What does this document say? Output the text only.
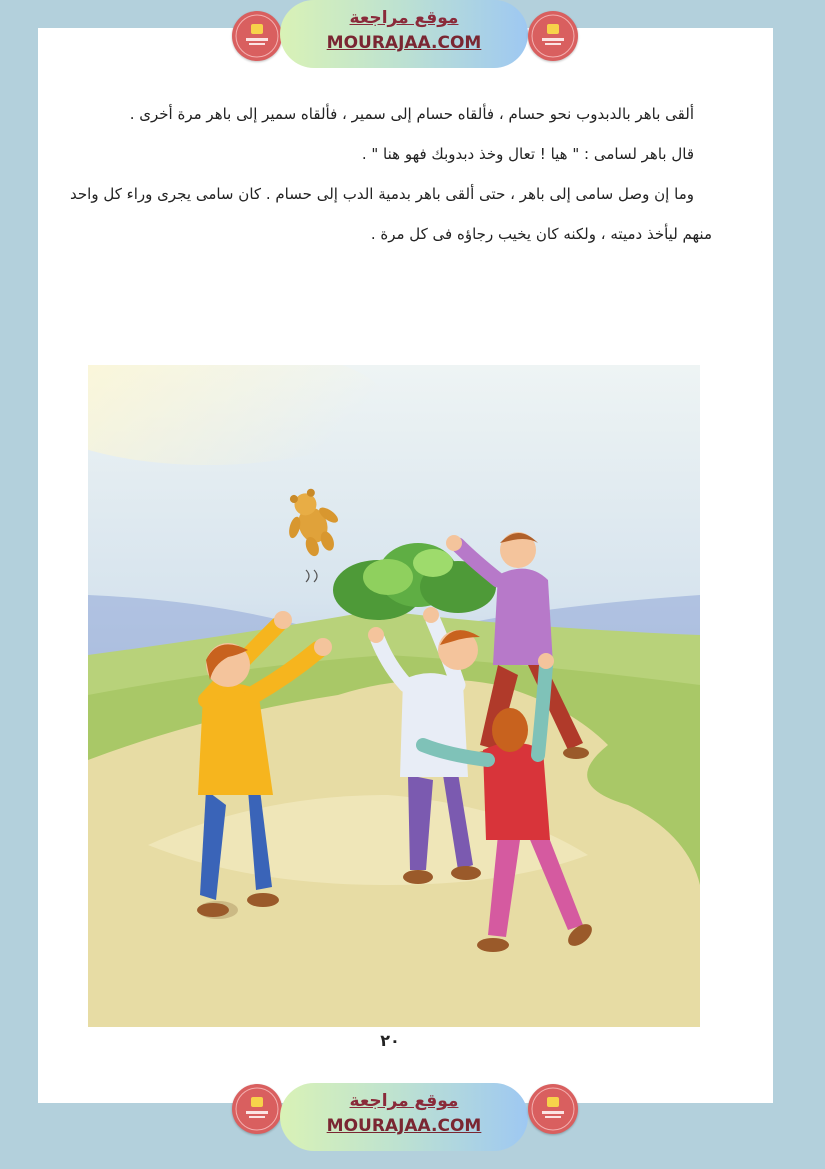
موقع مراجعة
MOURAJAA.COM

ألقى باهر بالدبدوب نحو حسام ، فألقاه حسام إلى سمير ، فألقاه سمير إلى باهر مرة أخرى .

قال باهر لسامى : " هيا ! تعال وخذ دبدوبك فهو هنا " .

وما إن وصل سامى إلى باهر ، حتى ألقى باهر بدمية الدب إلى حسام . كان سامى يجرى وراء كل واحد منهم ليأخذ دميته ، ولكنه كان يخيب رجاؤه فى كل مرة .

٢٠
موقع مراجعة
MOURAJAA.COM
